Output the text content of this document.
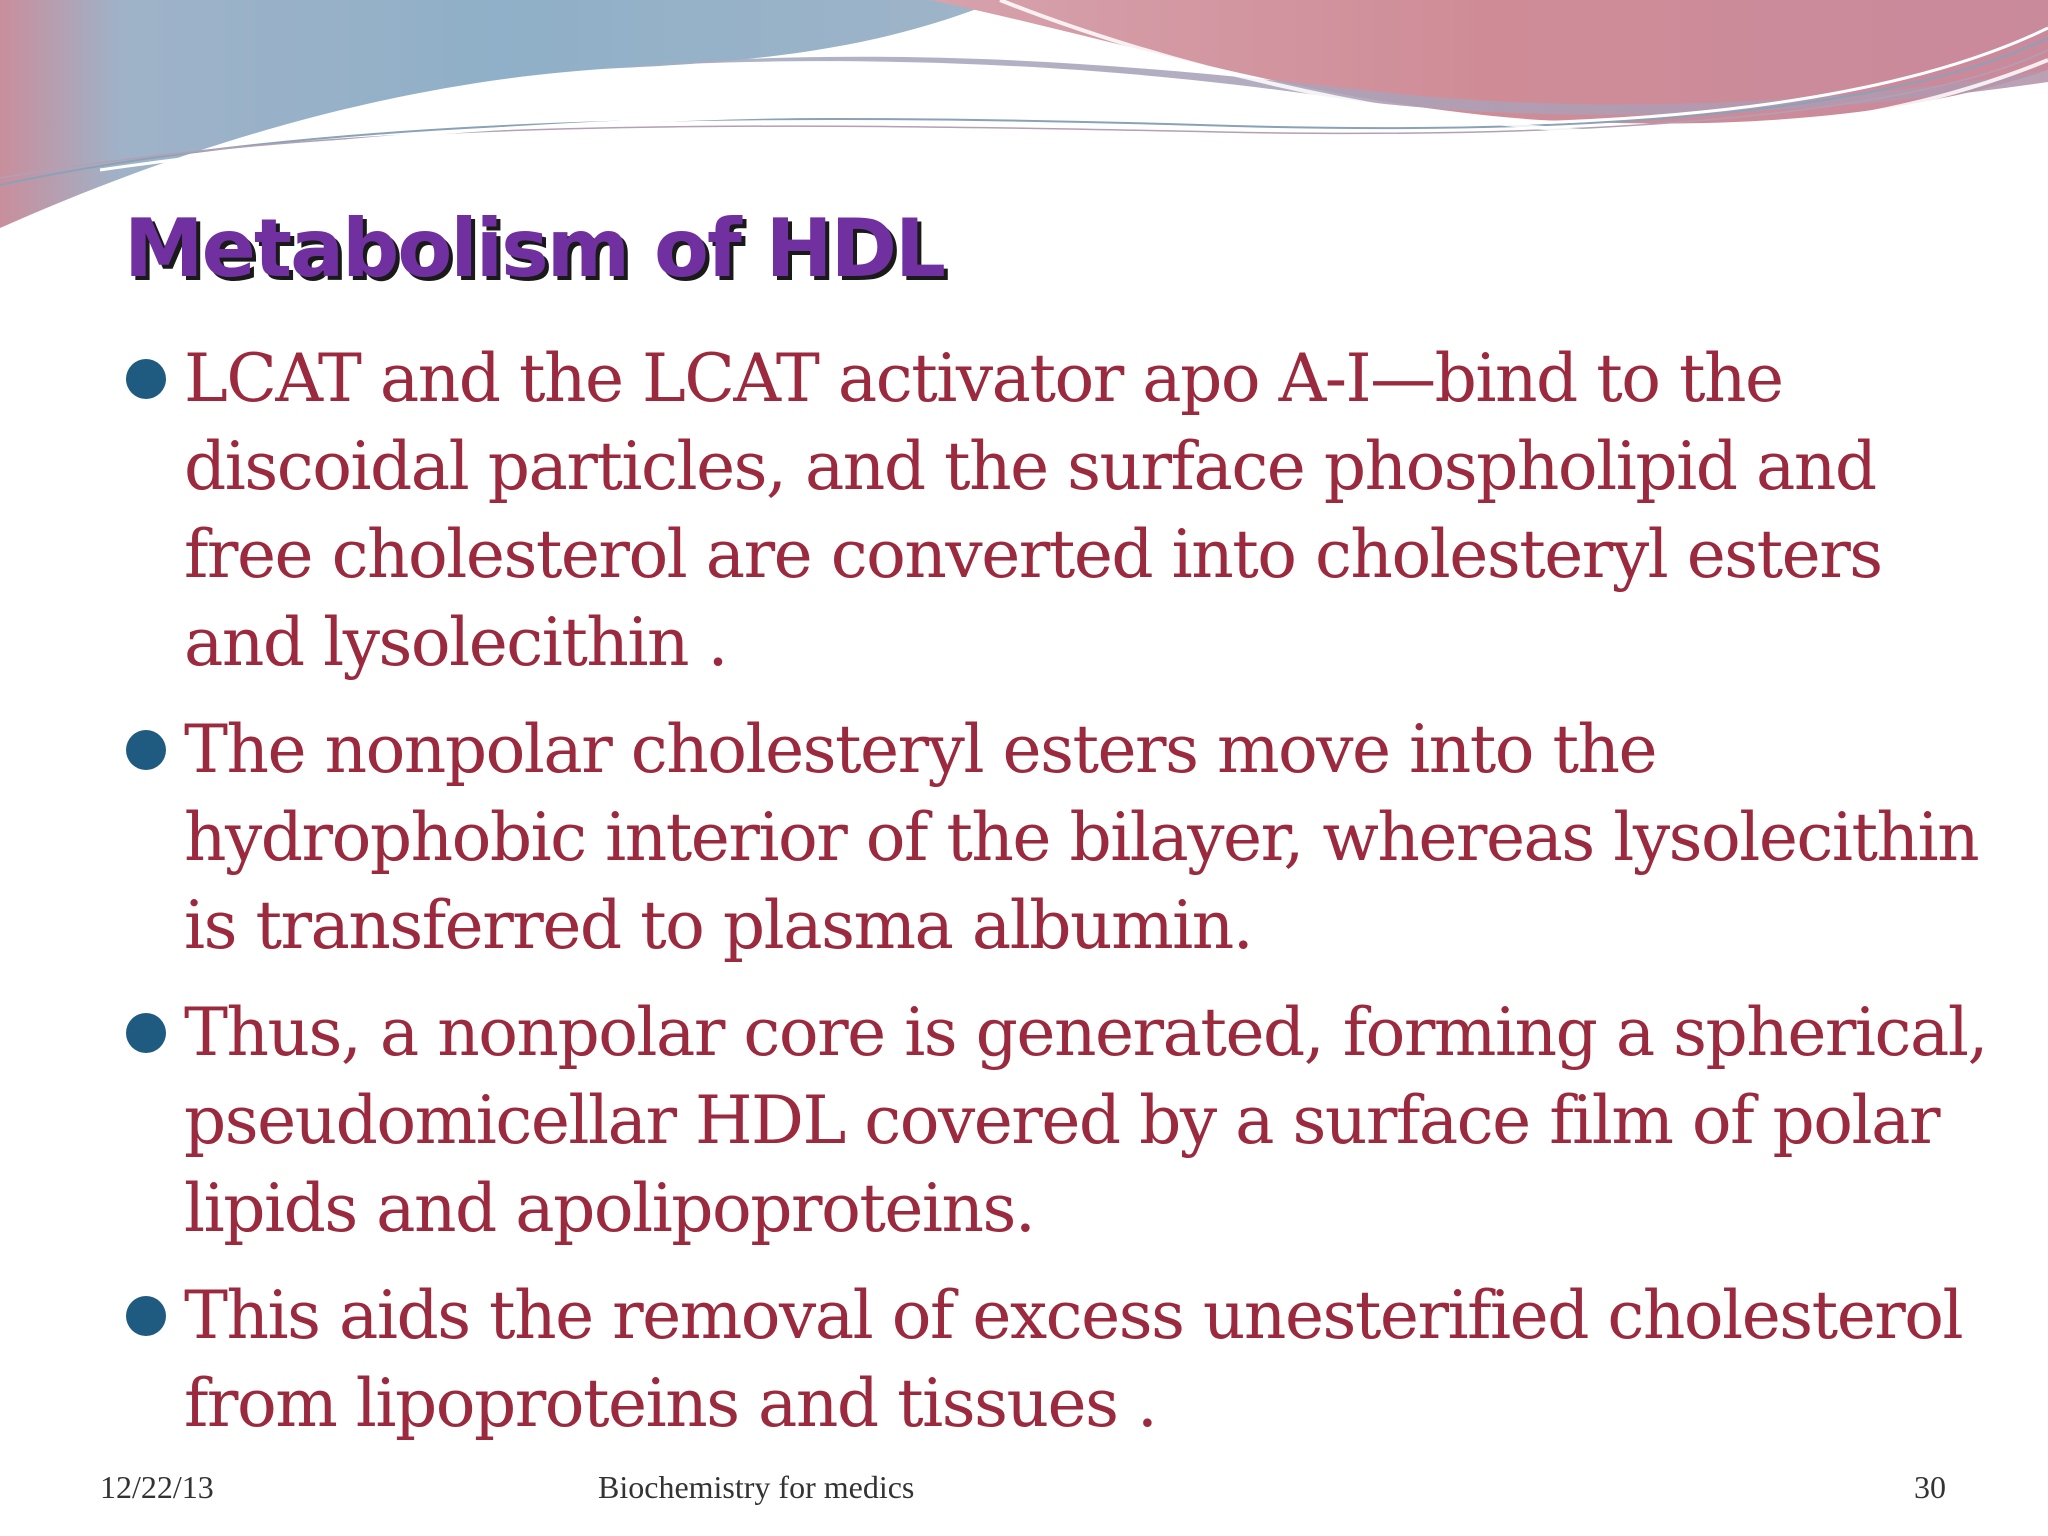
Metabolism of HDL
LCAT and the LCAT activator apo A-I—bind to the discoidal particles, and the surface phospholipid and free cholesterol are converted into cholesteryl esters and lysolecithin .
The nonpolar cholesteryl esters move into the hydrophobic interior of the bilayer, whereas lysolecithin is transferred to plasma albumin.
Thus, a nonpolar core is generated, forming a spherical, pseudomicellar HDL covered by a surface film of polar lipids and apolipoproteins.
This aids the removal of excess unesterified cholesterol from lipoproteins and tissues .
12/22/13	Biochemistry for medics	30
